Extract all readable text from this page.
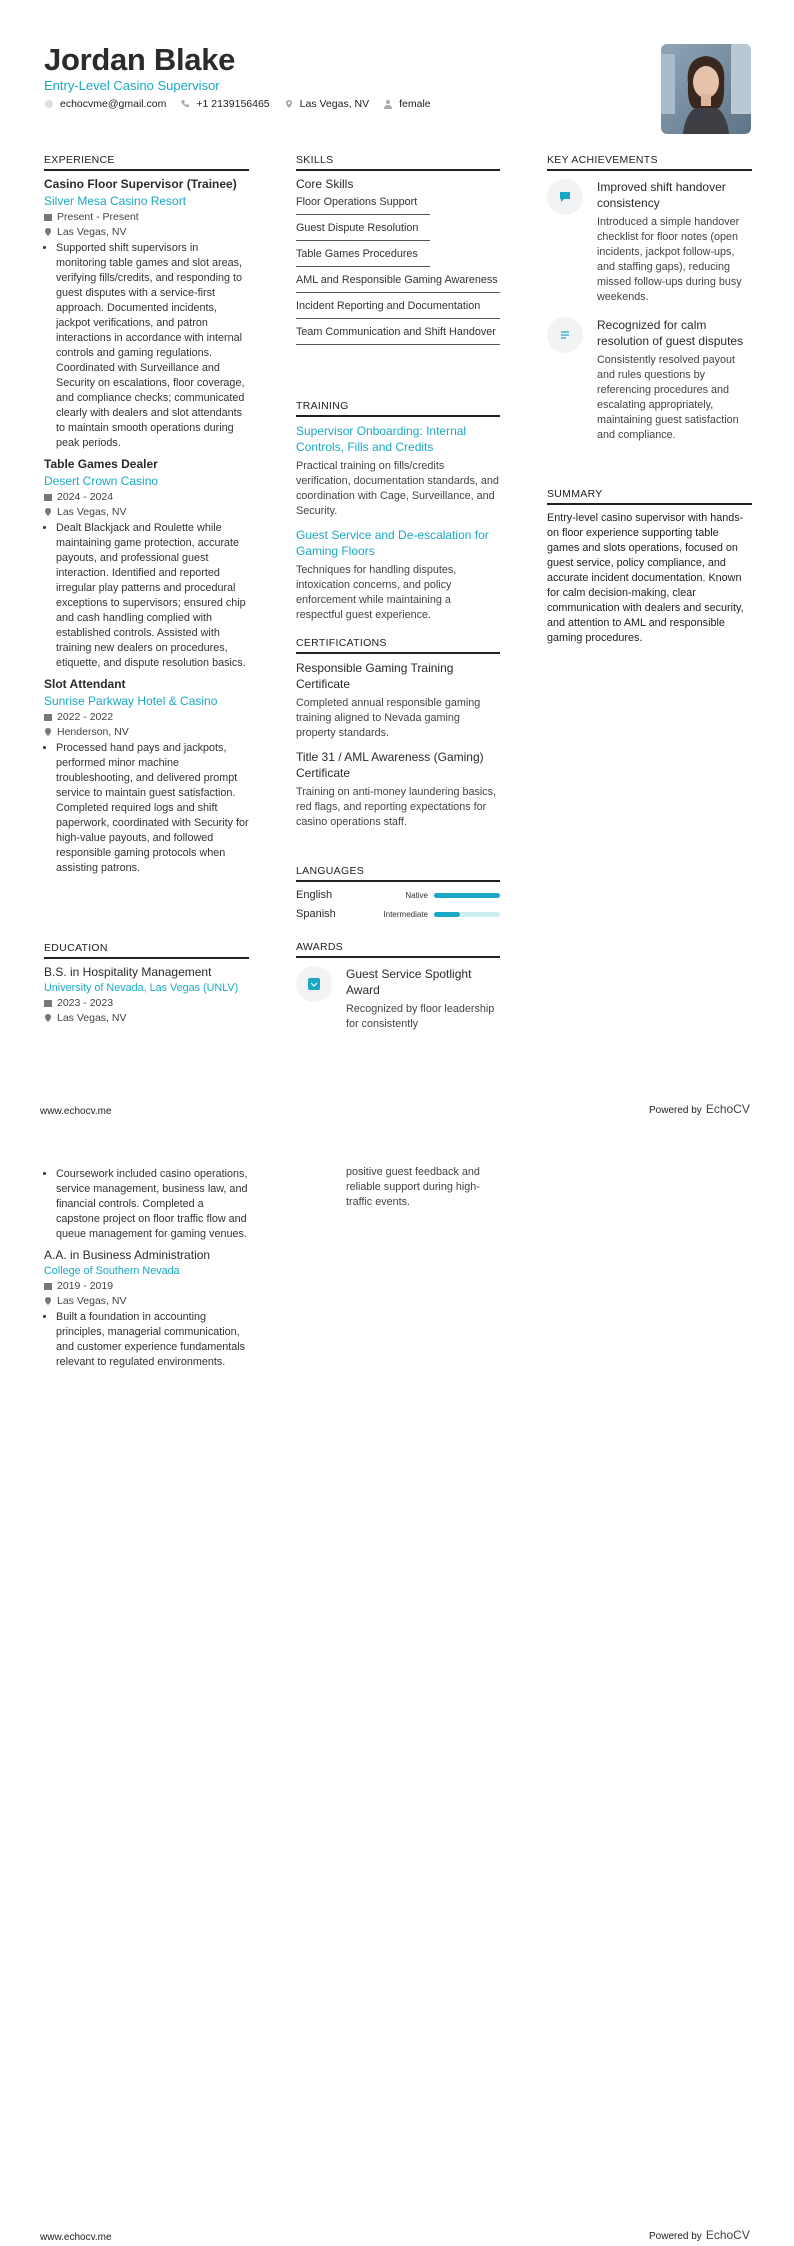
Jordan Blake
Entry-Level Casino Supervisor
echocvme@gmail.com	+1 2139156465	Las Vegas, NV	female
EXPERIENCE
Casino Floor Supervisor (Trainee)
Silver Mesa Casino Resort
Present - Present
Las Vegas, NV
• Supported shift supervisors in monitoring table games and slot areas, verifying fills/credits, and responding to guest disputes with a service-first approach. Documented incidents, jackpot verifications, and patron interactions in accordance with internal controls and gaming regulations. Coordinated with Surveillance and Security on escalations, floor coverage, and compliance checks; communicated clearly with dealers and slot attendants to maintain smooth operations during peak periods.
Table Games Dealer
Desert Crown Casino
2024 - 2024
Las Vegas, NV
• Dealt Blackjack and Roulette while maintaining game protection, accurate payouts, and professional guest interaction. Identified and reported irregular play patterns and procedural exceptions to supervisors; ensured chip and cash handling complied with established controls. Assisted with training new dealers on procedures, etiquette, and dispute resolution basics.
Slot Attendant
Sunrise Parkway Hotel & Casino
2022 - 2022
Henderson, NV
• Processed hand pays and jackpots, performed minor machine troubleshooting, and delivered prompt service to maintain guest satisfaction. Completed required logs and shift paperwork, coordinated with Security for high-value payouts, and followed responsible gaming protocols when assisting patrons.
EDUCATION
B.S. in Hospitality Management
University of Nevada, Las Vegas (UNLV)
2023 - 2023
Las Vegas, NV
SKILLS
Core Skills
Floor Operations Support
Guest Dispute Resolution
Table Games Procedures
AML and Responsible Gaming Awareness
Incident Reporting and Documentation
Team Communication and Shift Handover
TRAINING
Supervisor Onboarding: Internal Controls, Fills and Credits
Practical training on fills/credits verification, documentation standards, and coordination with Cage, Surveillance, and Security.
Guest Service and De-escalation for Gaming Floors
Techniques for handling disputes, intoxication concerns, and policy enforcement while maintaining a respectful guest experience.
CERTIFICATIONS
Responsible Gaming Training Certificate
Completed annual responsible gaming training aligned to Nevada gaming property standards.
Title 31 / AML Awareness (Gaming) Certificate
Training on anti-money laundering basics, red flags, and reporting expectations for casino operations staff.
LANGUAGES
English	Native
Spanish	Intermediate
AWARDS
Guest Service Spotlight Award
Recognized by floor leadership for consistently
KEY ACHIEVEMENTS
Improved shift handover consistency
Introduced a simple handover checklist for floor notes (open incidents, jackpot follow-ups, and staffing gaps), reducing missed follow-ups during busy weekends.
Recognized for calm resolution of guest disputes
Consistently resolved payout and rules questions by referencing procedures and escalating appropriately, maintaining guest satisfaction and compliance.
SUMMARY
Entry-level casino supervisor with hands-on floor experience supporting table games and slots operations, focused on guest service, policy compliance, and accurate incident documentation. Known for calm decision-making, clear communication with dealers and security, and attention to AML and responsible gaming procedures.
www.echocv.me	Powered by EchoCV
• Coursework included casino operations, service management, business law, and financial controls. Completed a capstone project on floor traffic flow and queue management for gaming venues.
A.A. in Business Administration
College of Southern Nevada
2019 - 2019
Las Vegas, NV
• Built a foundation in accounting principles, managerial communication, and customer experience fundamentals relevant to regulated environments.
positive guest feedback and reliable support during high-traffic events.
www.echocv.me	Powered by EchoCV
